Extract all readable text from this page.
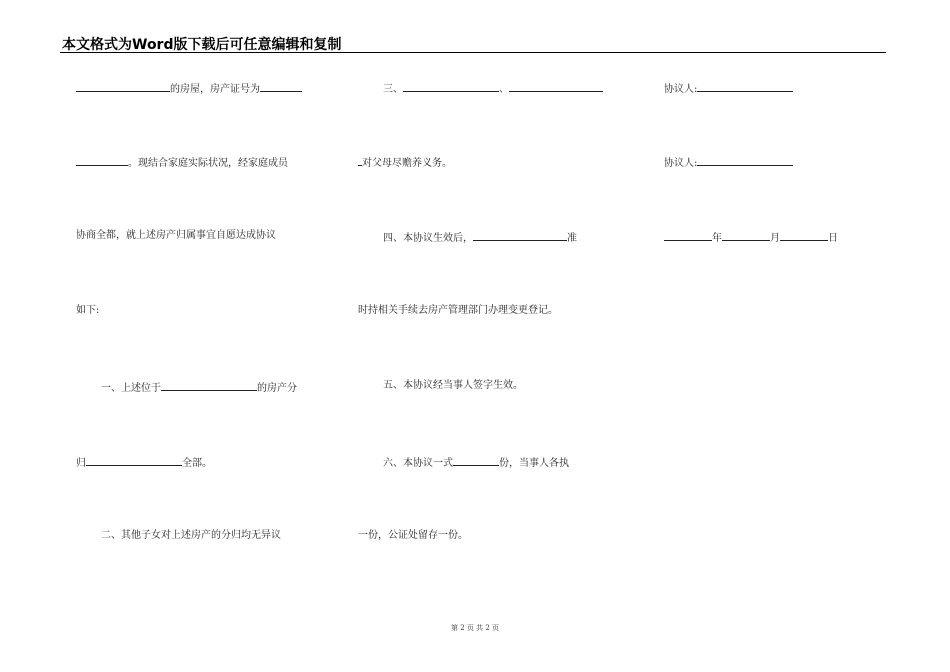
本文格式为Word版下载后可任意编辑和复制
的房屋，房产证号为
。现结合家庭实际状况，经家庭成员
协商全都，就上述房产归属事宜自愿达成协议
如下:
一、上述位于	的房产分
归	全部。
二、其他子女对上述房产的分归均无异议
三、	、
对父母尽赡养义务。
四、本协议生效后，	准
时持相关手续去房产管理部门办理变更登记。
五、本协议经当事人签字生效。
六、本协议一式	份，当事人各执
一份，公证处留存一份。
协议人:
协议人:
年	月	日
第 2 页 共 2 页
